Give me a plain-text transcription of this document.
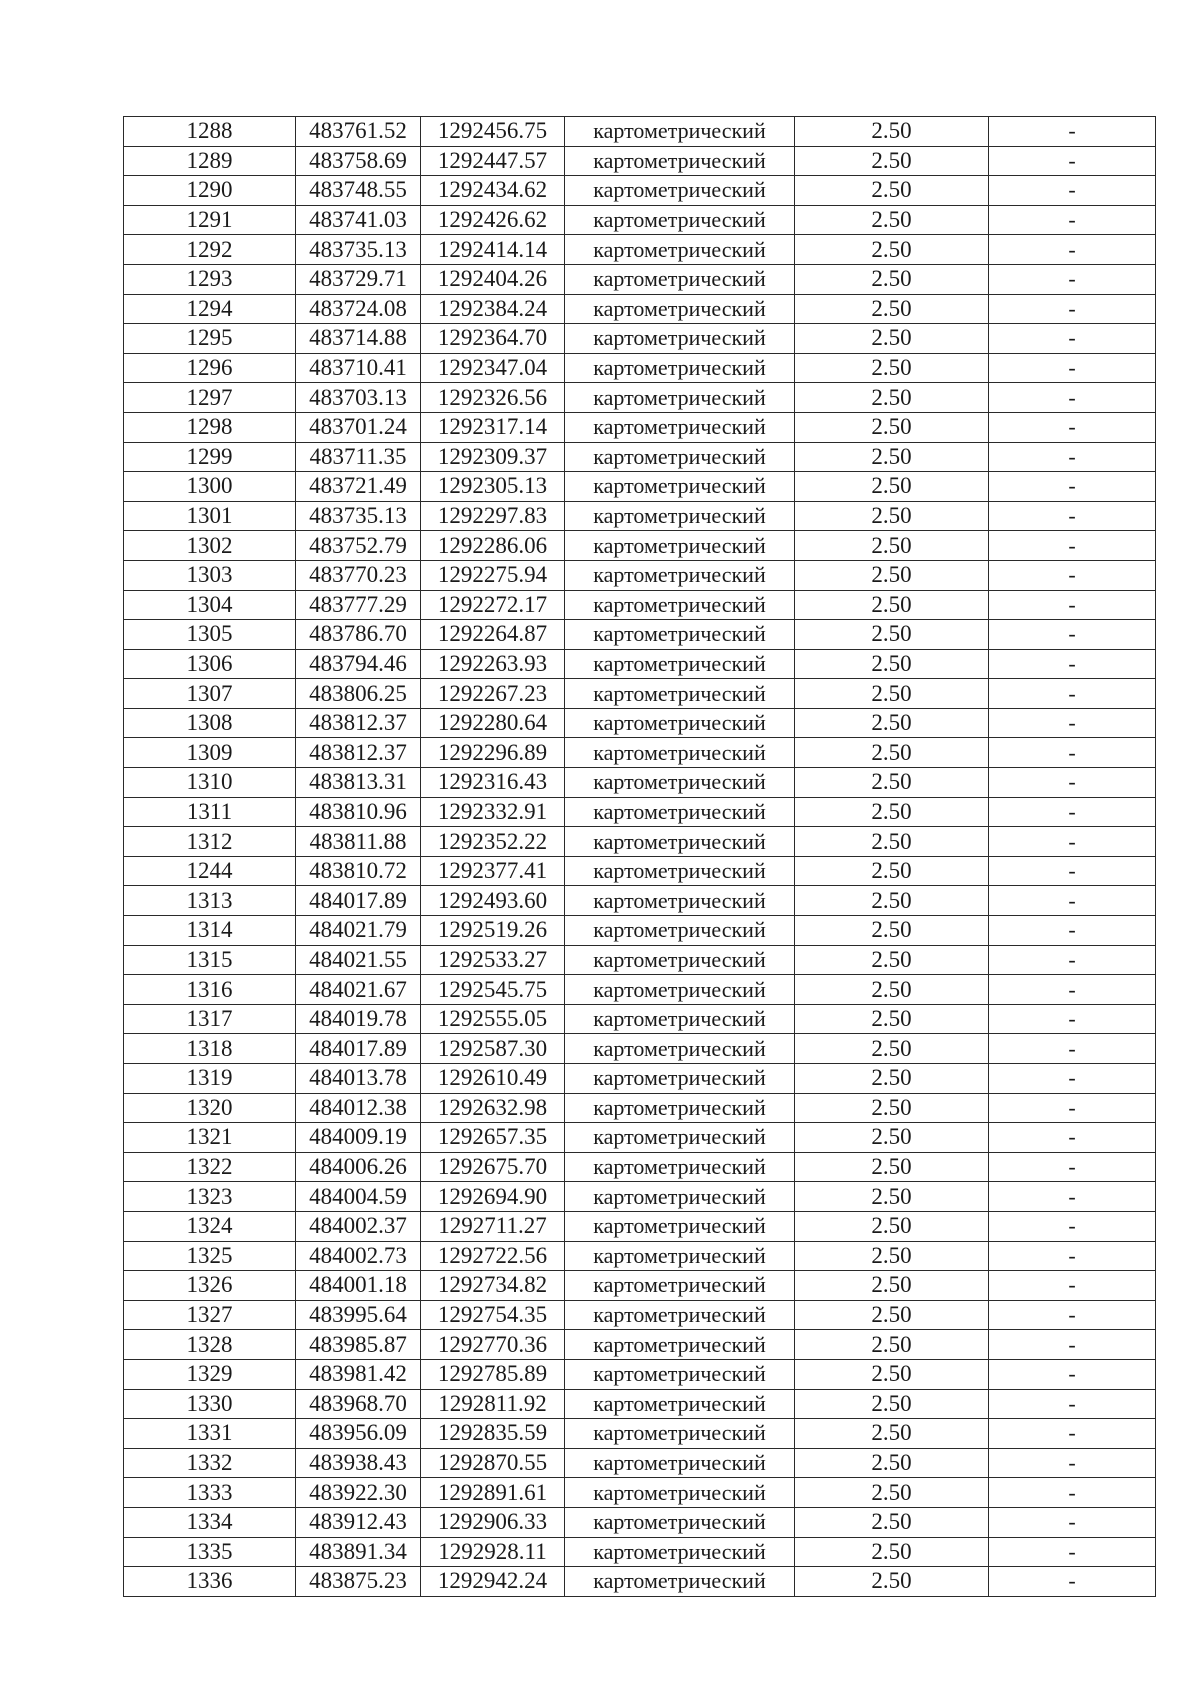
1288	483761.52	1292456.75	картометрический	2.50	-
1289	483758.69	1292447.57	картометрический	2.50	-
1290	483748.55	1292434.62	картометрический	2.50	-
1291	483741.03	1292426.62	картометрический	2.50	-
1292	483735.13	1292414.14	картометрический	2.50	-
1293	483729.71	1292404.26	картометрический	2.50	-
1294	483724.08	1292384.24	картометрический	2.50	-
1295	483714.88	1292364.70	картометрический	2.50	-
1296	483710.41	1292347.04	картометрический	2.50	-
1297	483703.13	1292326.56	картометрический	2.50	-
1298	483701.24	1292317.14	картометрический	2.50	-
1299	483711.35	1292309.37	картометрический	2.50	-
1300	483721.49	1292305.13	картометрический	2.50	-
1301	483735.13	1292297.83	картометрический	2.50	-
1302	483752.79	1292286.06	картометрический	2.50	-
1303	483770.23	1292275.94	картометрический	2.50	-
1304	483777.29	1292272.17	картометрический	2.50	-
1305	483786.70	1292264.87	картометрический	2.50	-
1306	483794.46	1292263.93	картометрический	2.50	-
1307	483806.25	1292267.23	картометрический	2.50	-
1308	483812.37	1292280.64	картометрический	2.50	-
1309	483812.37	1292296.89	картометрический	2.50	-
1310	483813.31	1292316.43	картометрический	2.50	-
1311	483810.96	1292332.91	картометрический	2.50	-
1312	483811.88	1292352.22	картометрический	2.50	-
1244	483810.72	1292377.41	картометрический	2.50	-
1313	484017.89	1292493.60	картометрический	2.50	-
1314	484021.79	1292519.26	картометрический	2.50	-
1315	484021.55	1292533.27	картометрический	2.50	-
1316	484021.67	1292545.75	картометрический	2.50	-
1317	484019.78	1292555.05	картометрический	2.50	-
1318	484017.89	1292587.30	картометрический	2.50	-
1319	484013.78	1292610.49	картометрический	2.50	-
1320	484012.38	1292632.98	картометрический	2.50	-
1321	484009.19	1292657.35	картометрический	2.50	-
1322	484006.26	1292675.70	картометрический	2.50	-
1323	484004.59	1292694.90	картометрический	2.50	-
1324	484002.37	1292711.27	картометрический	2.50	-
1325	484002.73	1292722.56	картометрический	2.50	-
1326	484001.18	1292734.82	картометрический	2.50	-
1327	483995.64	1292754.35	картометрический	2.50	-
1328	483985.87	1292770.36	картометрический	2.50	-
1329	483981.42	1292785.89	картометрический	2.50	-
1330	483968.70	1292811.92	картометрический	2.50	-
1331	483956.09	1292835.59	картометрический	2.50	-
1332	483938.43	1292870.55	картометрический	2.50	-
1333	483922.30	1292891.61	картометрический	2.50	-
1334	483912.43	1292906.33	картометрический	2.50	-
1335	483891.34	1292928.11	картометрический	2.50	-
1336	483875.23	1292942.24	картометрический	2.50	-
